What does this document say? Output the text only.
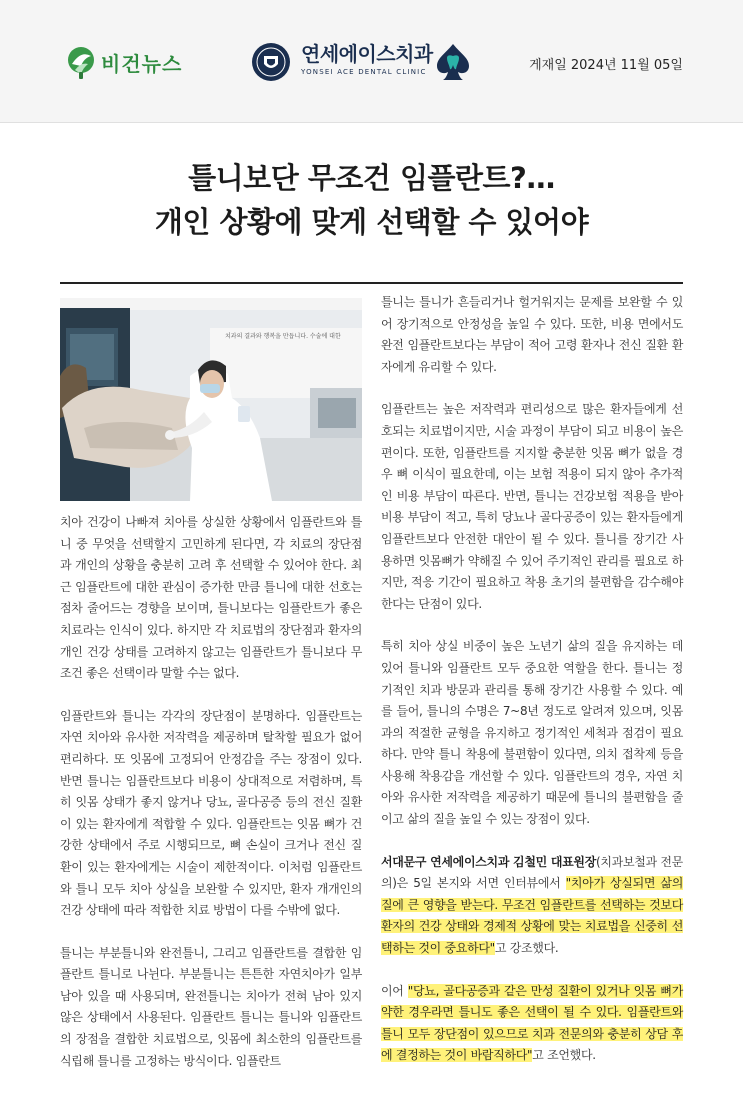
비건뉴스	연세에이스치과
YONSEI ACE DENTAL CLINIC	게재일 2024년 11월 05일
틀니보단 무조건 임플란트?…
개인 상황에 맞게 선택할 수 있어야
치과의 결과와 행복을 만듭니다. 수술에 대한

치아 건강이 나빠져 치아를 상실한 상황에서 임플란트와 틀니 중 무엇을 선택할지 고민하게 된다면, 각 치료의 장단점과 개인의 상황을 충분히 고려 후 선택할 수 있어야 한다. 최근 임플란트에 대한 관심이 증가한 만큼 틀니에 대한 선호는 점차 줄어드는 경향을 보이며, 틀니보다는 임플란트가 좋은 치료라는 인식이 있다. 하지만 각 치료법의 장단점과 환자의 개인 건강 상태를 고려하지 않고는 임플란트가 틀니보다 무조건 좋은 선택이라 말할 수는 없다.

임플란트와 틀니는 각각의 장단점이 분명하다. 임플란트는 자연 치아와 유사한 저작력을 제공하며 탈착할 필요가 없어 편리하다. 또 잇몸에 고정되어 안정감을 주는 장점이 있다. 반면 틀니는 임플란트보다 비용이 상대적으로 저렴하며, 특히 잇몸 상태가 좋지 않거나 당뇨, 골다공증 등의 전신 질환이 있는 환자에게 적합할 수 있다. 임플란트는 잇몸 뼈가 건강한 상태에서 주로 시행되므로, 뼈 손실이 크거나 전신 질환이 있는 환자에게는 시술이 제한적이다. 이처럼 임플란트와 틀니 모두 치아 상실을 보완할 수 있지만, 환자 개개인의 건강 상태에 따라 적합한 치료 방법이 다를 수밖에 없다.

틀니는 부분틀니와 완전틀니, 그리고 임플란트를 결합한 임플란트 틀니로 나뉜다. 부분틀니는 튼튼한 자연치아가 일부 남아 있을 때 사용되며, 완전틀니는 치아가 전혀 남아 있지 않은 상태에서 사용된다. 임플란트 틀니는 틀니와 임플란트의 장점을 결합한 치료법으로, 잇몸에 최소한의 임플란트를 식립해 틀니를 고정하는 방식이다. 임플란트

틀니는 틀니가 흔들리거나 헐거워지는 문제를 보완할 수 있어 장기적으로 안정성을 높일 수 있다. 또한, 비용 면에서도 완전 임플란트보다는 부담이 적어 고령 환자나 전신 질환 환자에게 유리할 수 있다.

임플란트는 높은 저작력과 편리성으로 많은 환자들에게 선호되는 치료법이지만, 시술 과정이 부담이 되고 비용이 높은 편이다. 또한, 임플란트를 지지할 충분한 잇몸 뼈가 없을 경우 뼈 이식이 필요한데, 이는 보험 적용이 되지 않아 추가적인 비용 부담이 따른다. 반면, 틀니는 건강보험 적용을 받아 비용 부담이 적고, 특히 당뇨나 골다공증이 있는 환자들에게 임플란트보다 안전한 대안이 될 수 있다. 틀니를 장기간 사용하면 잇몸뼈가 약해질 수 있어 주기적인 관리를 필요로 하지만, 적응 기간이 필요하고 착용 초기의 불편함을 감수해야 한다는 단점이 있다.

특히 치아 상실 비중이 높은 노년기 삶의 질을 유지하는 데 있어 틀니와 임플란트 모두 중요한 역할을 한다. 틀니는 정기적인 치과 방문과 관리를 통해 장기간 사용할 수 있다. 예를 들어, 틀니의 수명은 7~8년 정도로 알려져 있으며, 잇몸과의 적절한 균형을 유지하고 정기적인 세척과 점검이 필요하다. 만약 틀니 착용에 불편함이 있다면, 의치 접착제 등을 사용해 착용감을 개선할 수 있다. 임플란트의 경우, 자연 치아와 유사한 저작력을 제공하기 때문에 틀니의 불편함을 줄이고 삶의 질을 높일 수 있는 장점이 있다.

서대문구 연세에이스치과 김철민 대표원장(치과보철과 전문의)은 5일 본지와 서면 인터뷰에서 "치아가 상실되면 삶의 질에 큰 영향을 받는다. 무조건 임플란트를 선택하는 것보다 환자의 건강 상태와 경제적 상황에 맞는 치료법을 신중히 선택하는 것이 중요하다"고 강조했다.

이어 "당뇨, 골다공증과 같은 만성 질환이 있거나 잇몸 뼈가 약한 경우라면 틀니도 좋은 선택이 될 수 있다. 임플란트와 틀니 모두 장단점이 있으므로 치과 전문의와 충분히 상담 후에 결정하는 것이 바람직하다"고 조언했다.
